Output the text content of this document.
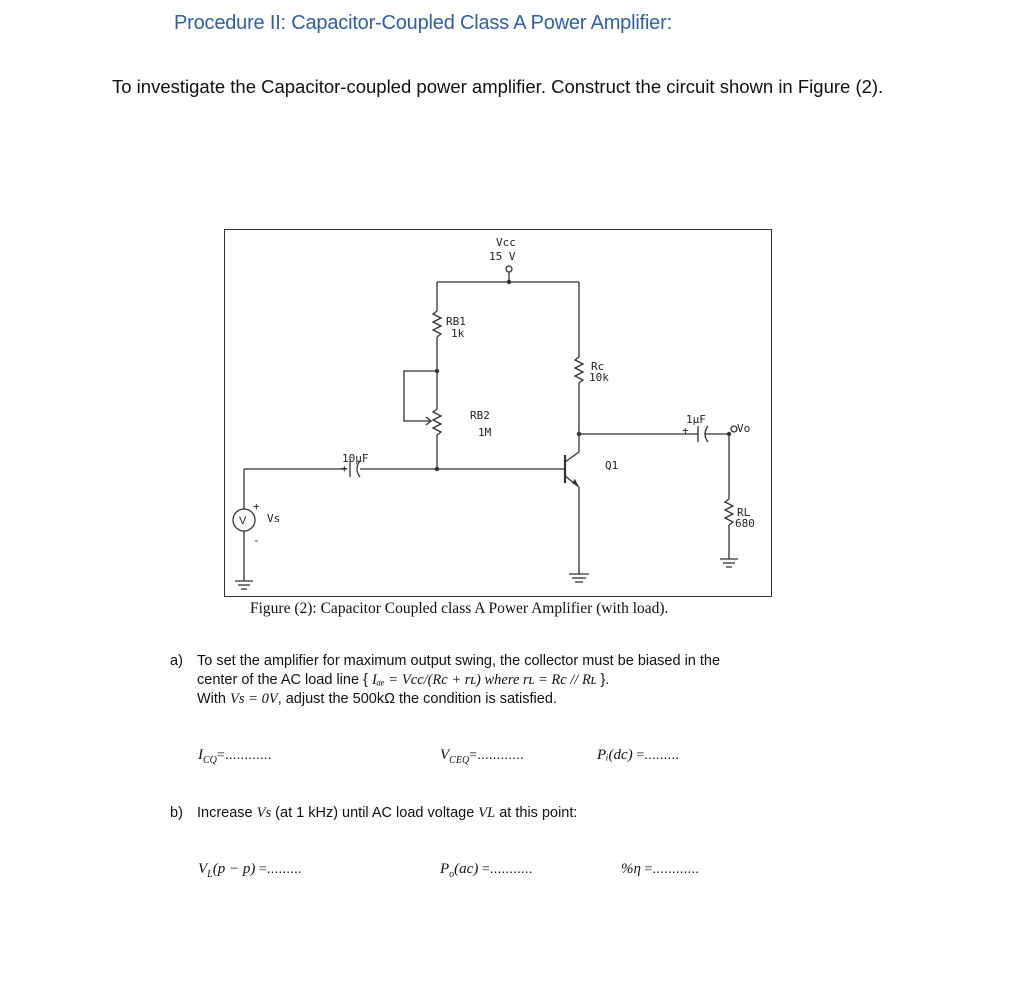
Procedure II: Capacitor-Coupled Class A Power Amplifier:
To investigate the Capacitor-coupled power amplifier. Construct the circuit shown in Figure (2).
Vcc
15 V
RB1
1k
RB2
1M
Rc
10k
Q1
10µF
+
1µF
+	Vo
RL
680
Vs
V
+
-
Figure (2): Capacitor Coupled class A Power Amplifier (with load).
a) To set the amplifier for maximum output swing, the collector must be biased in the
center of the AC load line { Iₐₑ = Vcc/(Rc + rʟ) where rʟ = Rc // Rʟ }.
With Vs = 0V, adjust the 500kΩ the condition is satisfied.
$I_{CQ}=$............	$V_{CEQ}=$............	Pᵢ(dc) =.........
b) Increase Vs (at 1 kHz) until AC load voltage VL at this point:
$V_L(p - p)$ =.........	$P_o(ac)$ =...........	%η =............
